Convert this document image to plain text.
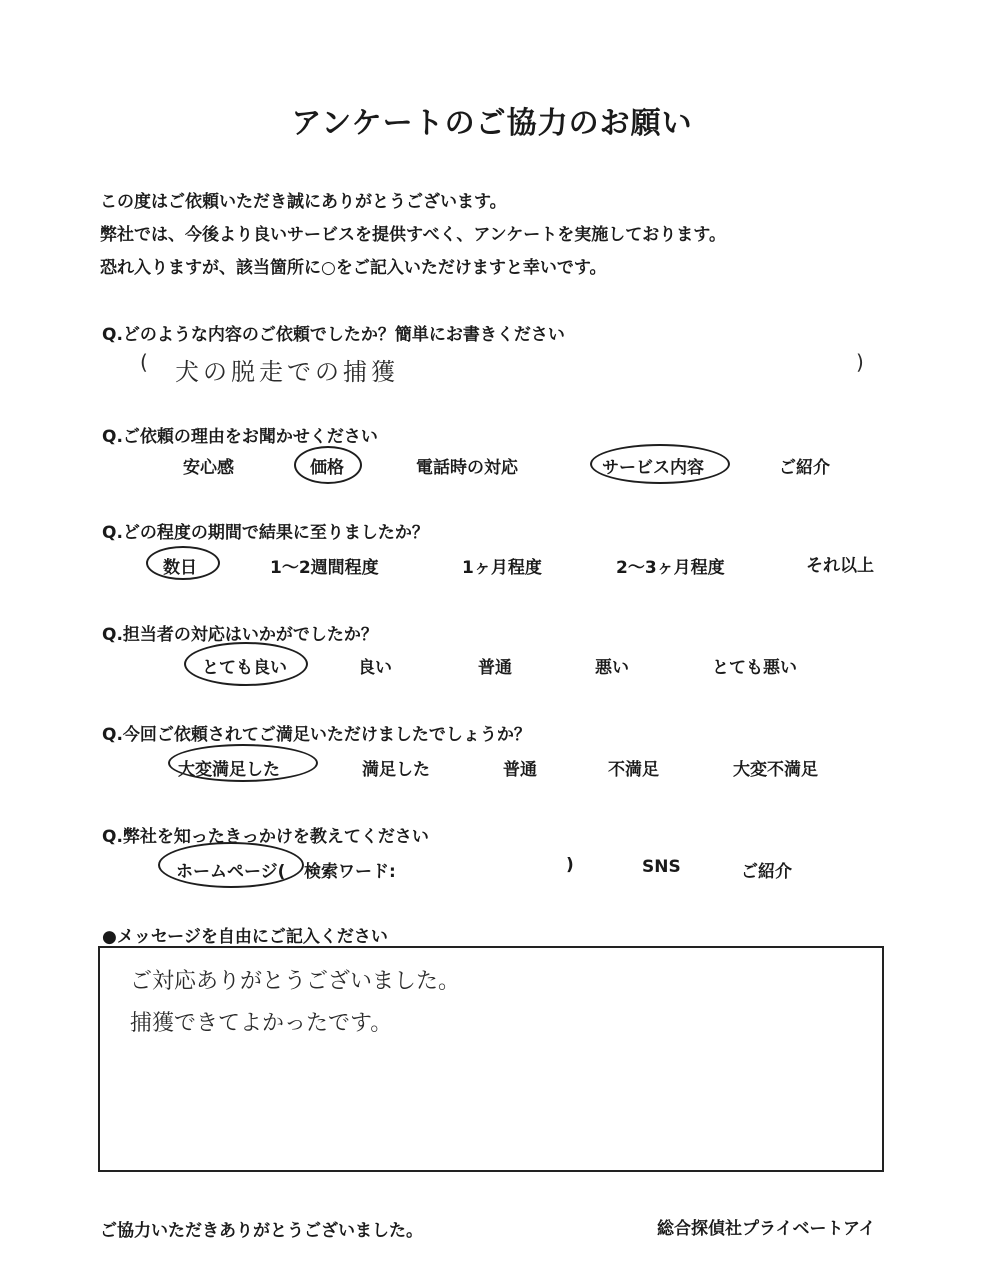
アンケートのご協力のお願い
この度はご依頼いただき誠にありがとうございます。
弊社では、今後より良いサービスを提供すべく、アンケートを実施しております。
恐れ入りますが、該当箇所に○をご記入いただけますと幸いです。
Q.どのような内容のご依頼でしたか？簡単にお書きください
( 犬の脱走での捕獲	)
Q.ご依頼の理由をお聞かせください
安心感	価格	電話時の対応	サービス内容	ご紹介
Q.どの程度の期間で結果に至りましたか？
数日	1～2週間程度	1ヶ月程度	2～3ヶ月程度	それ以上
Q.担当者の対応はいかがでしたか？
とても良い	良い	普通	悪い	とても悪い
Q.今回ご依頼されてご満足いただけましたでしょうか？
大変満足した	満足した	普通	不満足	大変不満足
Q.弊社を知ったきっかけを教えてください
ホームページ( 検索ワード:	)	SNS	ご紹介
●メッセージを自由にご記入ください
ご対応ありがとうございました。
捕獲できてよかったです。
ご協力いただきありがとうございました。	総合探偵社プライベートアイ
